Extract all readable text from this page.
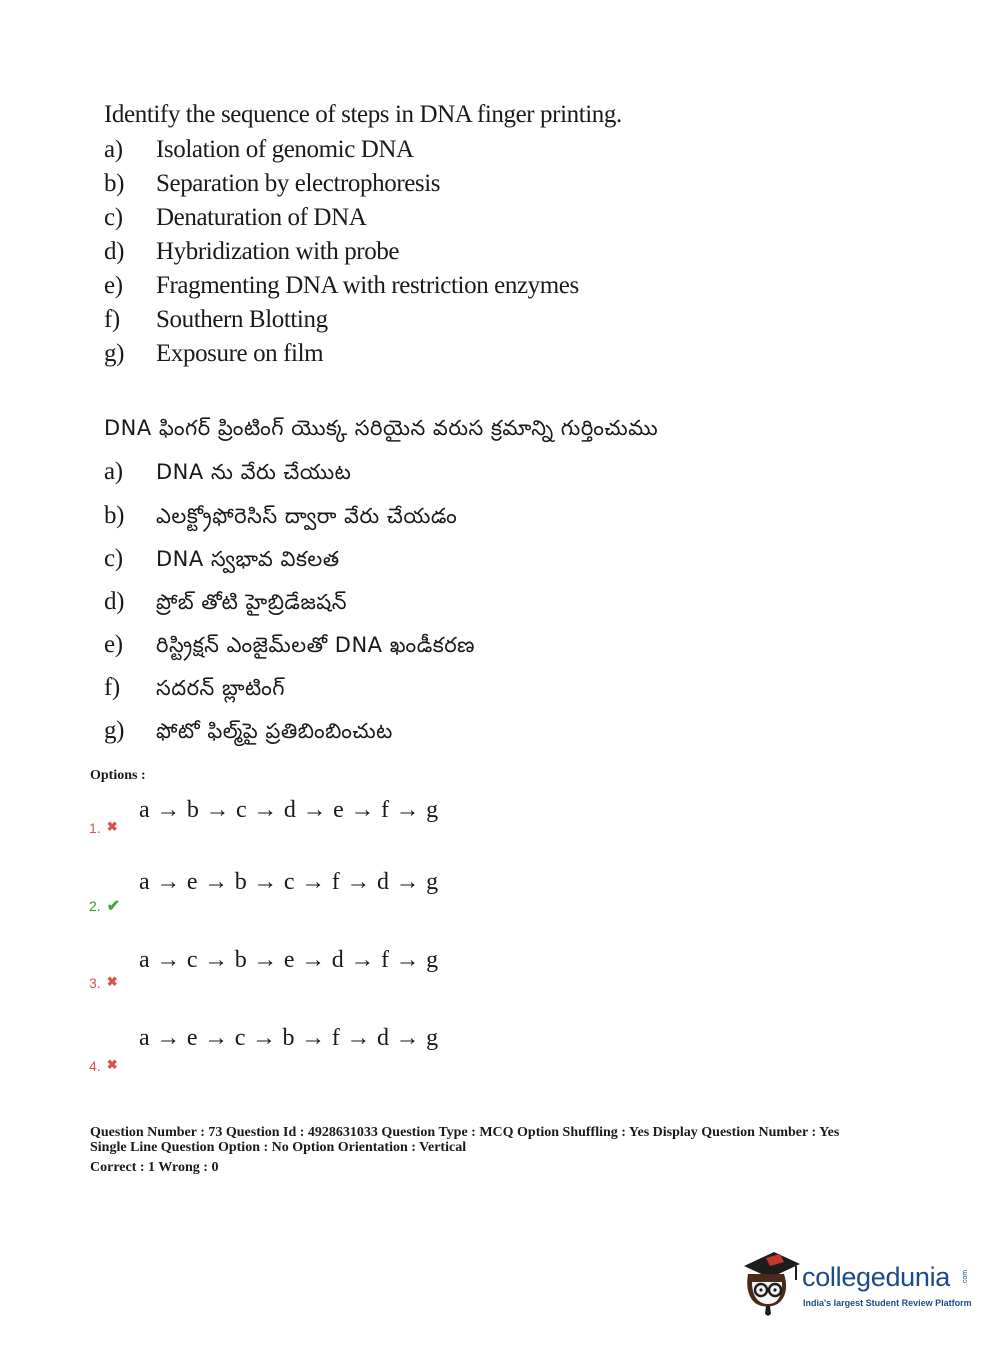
Identify the sequence of steps in DNA finger printing.
a) Isolation of genomic DNA
b) Separation by electrophoresis
c) Denaturation of DNA
d) Hybridization with probe
e) Fragmenting DNA with restriction enzymes
f) Southern Blotting
g) Exposure on film
DNA ఫింగర్ ప్రింటింగ్ యొక్క సరియైన వరుస క్రమాన్ని గుర్తించుము
a) DNA ను వేరు చేయుట
b) ఎలక్ట్రోఫోరెసిస్ ద్వారా వేరు చేయడం
c) DNA స్వభావ వికలత
d) ప్రోబ్ తోటి హైబ్రిడేజషన్
e) రిస్ట్రిక్షన్ ఎంజైమ్‌లతో DNA ఖండీకరణ
f) సదరన్ బ్లాటింగ్
g) ఫోటో ఫిల్మ్‌పై ప్రతిబింబించుట
Options :
a → b → c → d → e → f → g
1. ✖
a → e → b → c → f → d → g
2. ✔
a → c → b → e → d → f → g
3. ✖
a → e → c → b → f → d → g
4. ✖
Question Number : 73 Question Id : 4928631033 Question Type : MCQ Option Shuffling : Yes Display Question Number : Yes
Single Line Question Option : No Option Orientation : Vertical
Correct : 1 Wrong : 0
collegedunia .com
India's largest Student Review Platform
